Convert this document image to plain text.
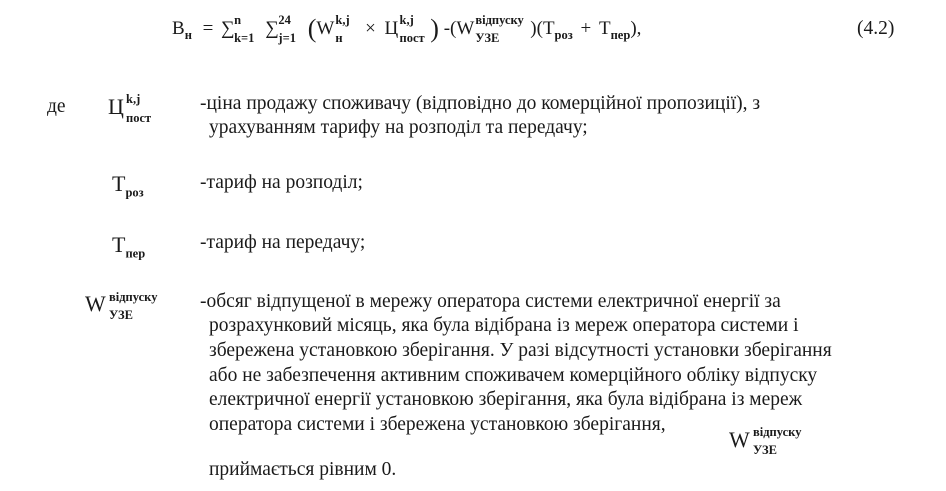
$В_н$ = ∑ n
k=1 ∑ 24
j=1 (W k,j
н × Ц k,j
пост ) -(W відпуску
УЗЕ )$(Т_{роз} + Т_{пер})$,	(4.2)
де Ц k,j
пост
-ціна продажу споживачу (відповідно до комерційної пропозиції), з
урахуванням тарифу на розподіл та передачу;
$Т_{роз}$	-тариф на розподіл;
$Т_{пер}$
-тариф на передачу;
W відпуску
УЗЕ
-обсяг відпущеної в мережу оператора системи електричної енергії за
розрахунковий місяць, яка була відібрана із мереж оператора системи і
збережена установкою зберігання. У разі відсутності установки зберігання
або не забезпечення активним споживачем комерційного обліку відпуску
електричної енергії установкою зберігання, яка була відібрана із мереж
оператора системи і збережена установкою зберігання,
W відпуску
УЗЕ
приймається рівним 0.
